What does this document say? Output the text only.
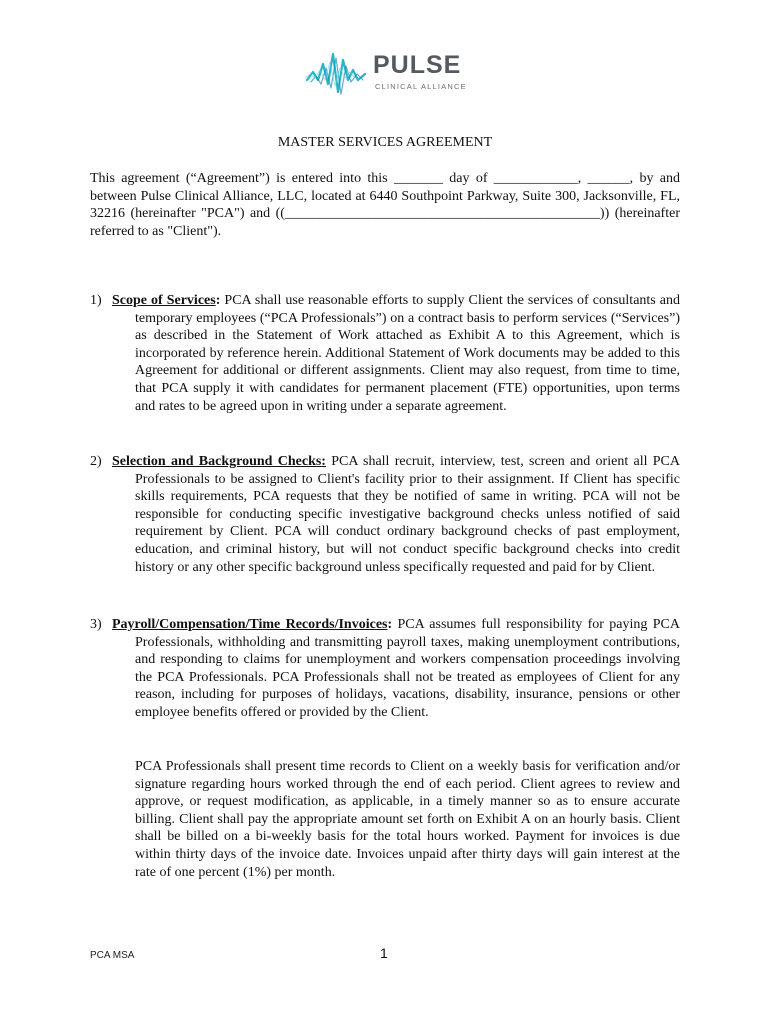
PULSE
CLINICAL ALLIANCE
MASTER SERVICES AGREEMENT

This agreement (“Agreement”) is entered into this _______ day of ____________, ______, by and between Pulse Clinical Alliance, LLC, located at 6440 Southpoint Parkway, Suite 300, Jacksonville, FL, 32216 (hereinafter "PCA") and ((_____________________________________________)) (hereinafter referred to as "Client").

1) Scope of Services: PCA shall use reasonable efforts to supply Client the services of consultants and temporary employees (“PCA Professionals”) on a contract basis to perform services (“Services”) as described in the Statement of Work attached as Exhibit A to this Agreement, which is incorporated by reference herein. Additional Statement of Work documents may be added to this Agreement for additional or different assignments. Client may also request, from time to time, that PCA supply it with candidates for permanent placement (FTE) opportunities, upon terms and rates to be agreed upon in writing under a separate agreement.
2) Selection and Background Checks: PCA shall recruit, interview, test, screen and orient all PCA Professionals to be assigned to Client's facility prior to their assignment. If Client has specific skills requirements, PCA requests that they be notified of same in writing. PCA will not be responsible for conducting specific investigative background checks unless notified of said requirement by Client. PCA will conduct ordinary background checks of past employment, education, and criminal history, but will not conduct specific background checks into credit history or any other specific background unless specifically requested and paid for by Client.
3) Payroll/Compensation/Time Records/Invoices: PCA assumes full responsibility for paying PCA Professionals, withholding and transmitting payroll taxes, making unemployment contributions, and responding to claims for unemployment and workers compensation proceedings involving the PCA Professionals. PCA Professionals shall not be treated as employees of Client for any reason, including for purposes of holidays, vacations, disability, insurance, pensions or other employee benefits offered or provided by the Client.
PCA Professionals shall present time records to Client on a weekly basis for verification and/or signature regarding hours worked through the end of each period. Client agrees to review and approve, or request modification, as applicable, in a timely manner so as to ensure accurate billing. Client shall pay the appropriate amount set forth on Exhibit A on an hourly basis. Client shall be billed on a bi-weekly basis for the total hours worked. Payment for invoices is due within thirty days of the invoice date. Invoices unpaid after thirty days will gain interest at the rate of one percent (1%) per month.
PCA MSA	1
